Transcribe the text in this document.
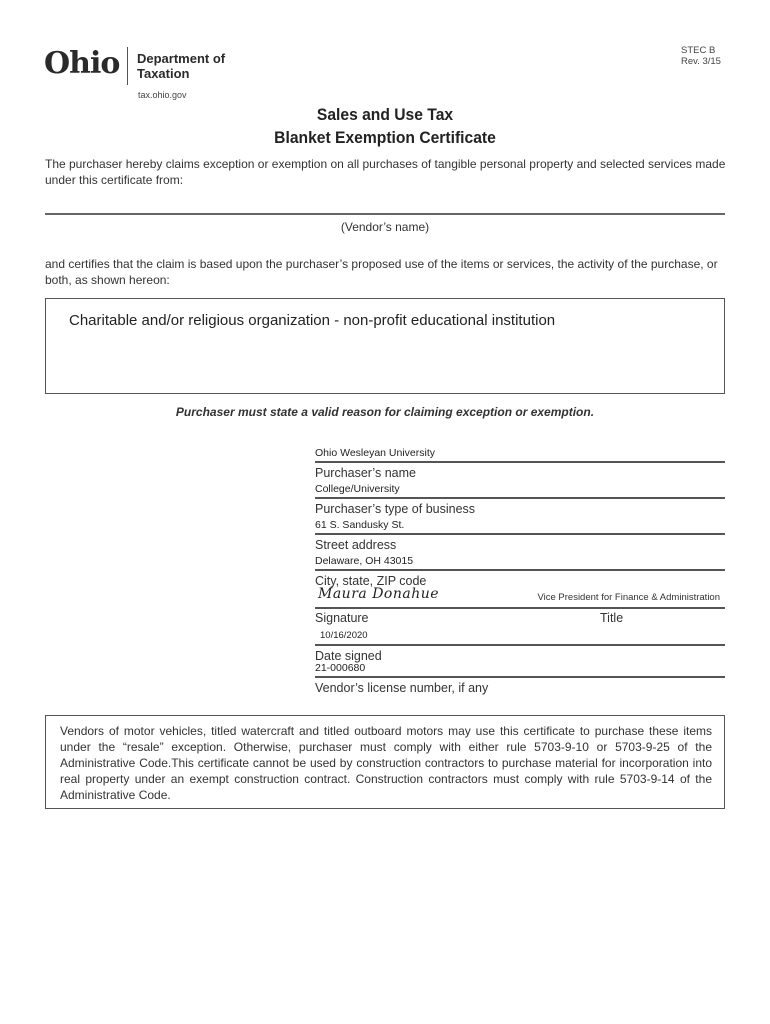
Ohio Department of
Taxation
tax.ohio.gov
STEC B
Rev. 3/15
Sales and Use Tax
Blanket Exemption Certificate
The purchaser hereby claims exception or exemption on all purchases of tangible personal property and selected services made under this certificate from:
(Vendor’s name)
and certifies that the claim is based upon the purchaser’s proposed use of the items or services, the activity of the purchase, or both, as shown hereon:
Charitable and/or religious organization - non-profit educational institution
Purchaser must state a valid reason for claiming exception or exemption.
Ohio Wesleyan University
Purchaser’s name
College/University
Purchaser’s type of business
61 S. Sandusky St.
Street address
Delaware, OH 43015
City, state, ZIP code
Maura Donahue	Vice President for Finance & Administration
Signature	Title
10/16/2020
Date signed
21-000680
Vendor’s license number, if any
Vendors of motor vehicles, titled watercraft and titled outboard motors may use this certificate to purchase these items under the “resale” exception. Otherwise, purchaser must comply with either rule 5703-9-10 or 5703-9-25 of the Administrative Code.This certificate cannot be used by construction contractors to purchase material for incorporation into real property under an exempt construction contract. Construction contractors must comply with rule 5703-9-14 of the Administrative Code.
